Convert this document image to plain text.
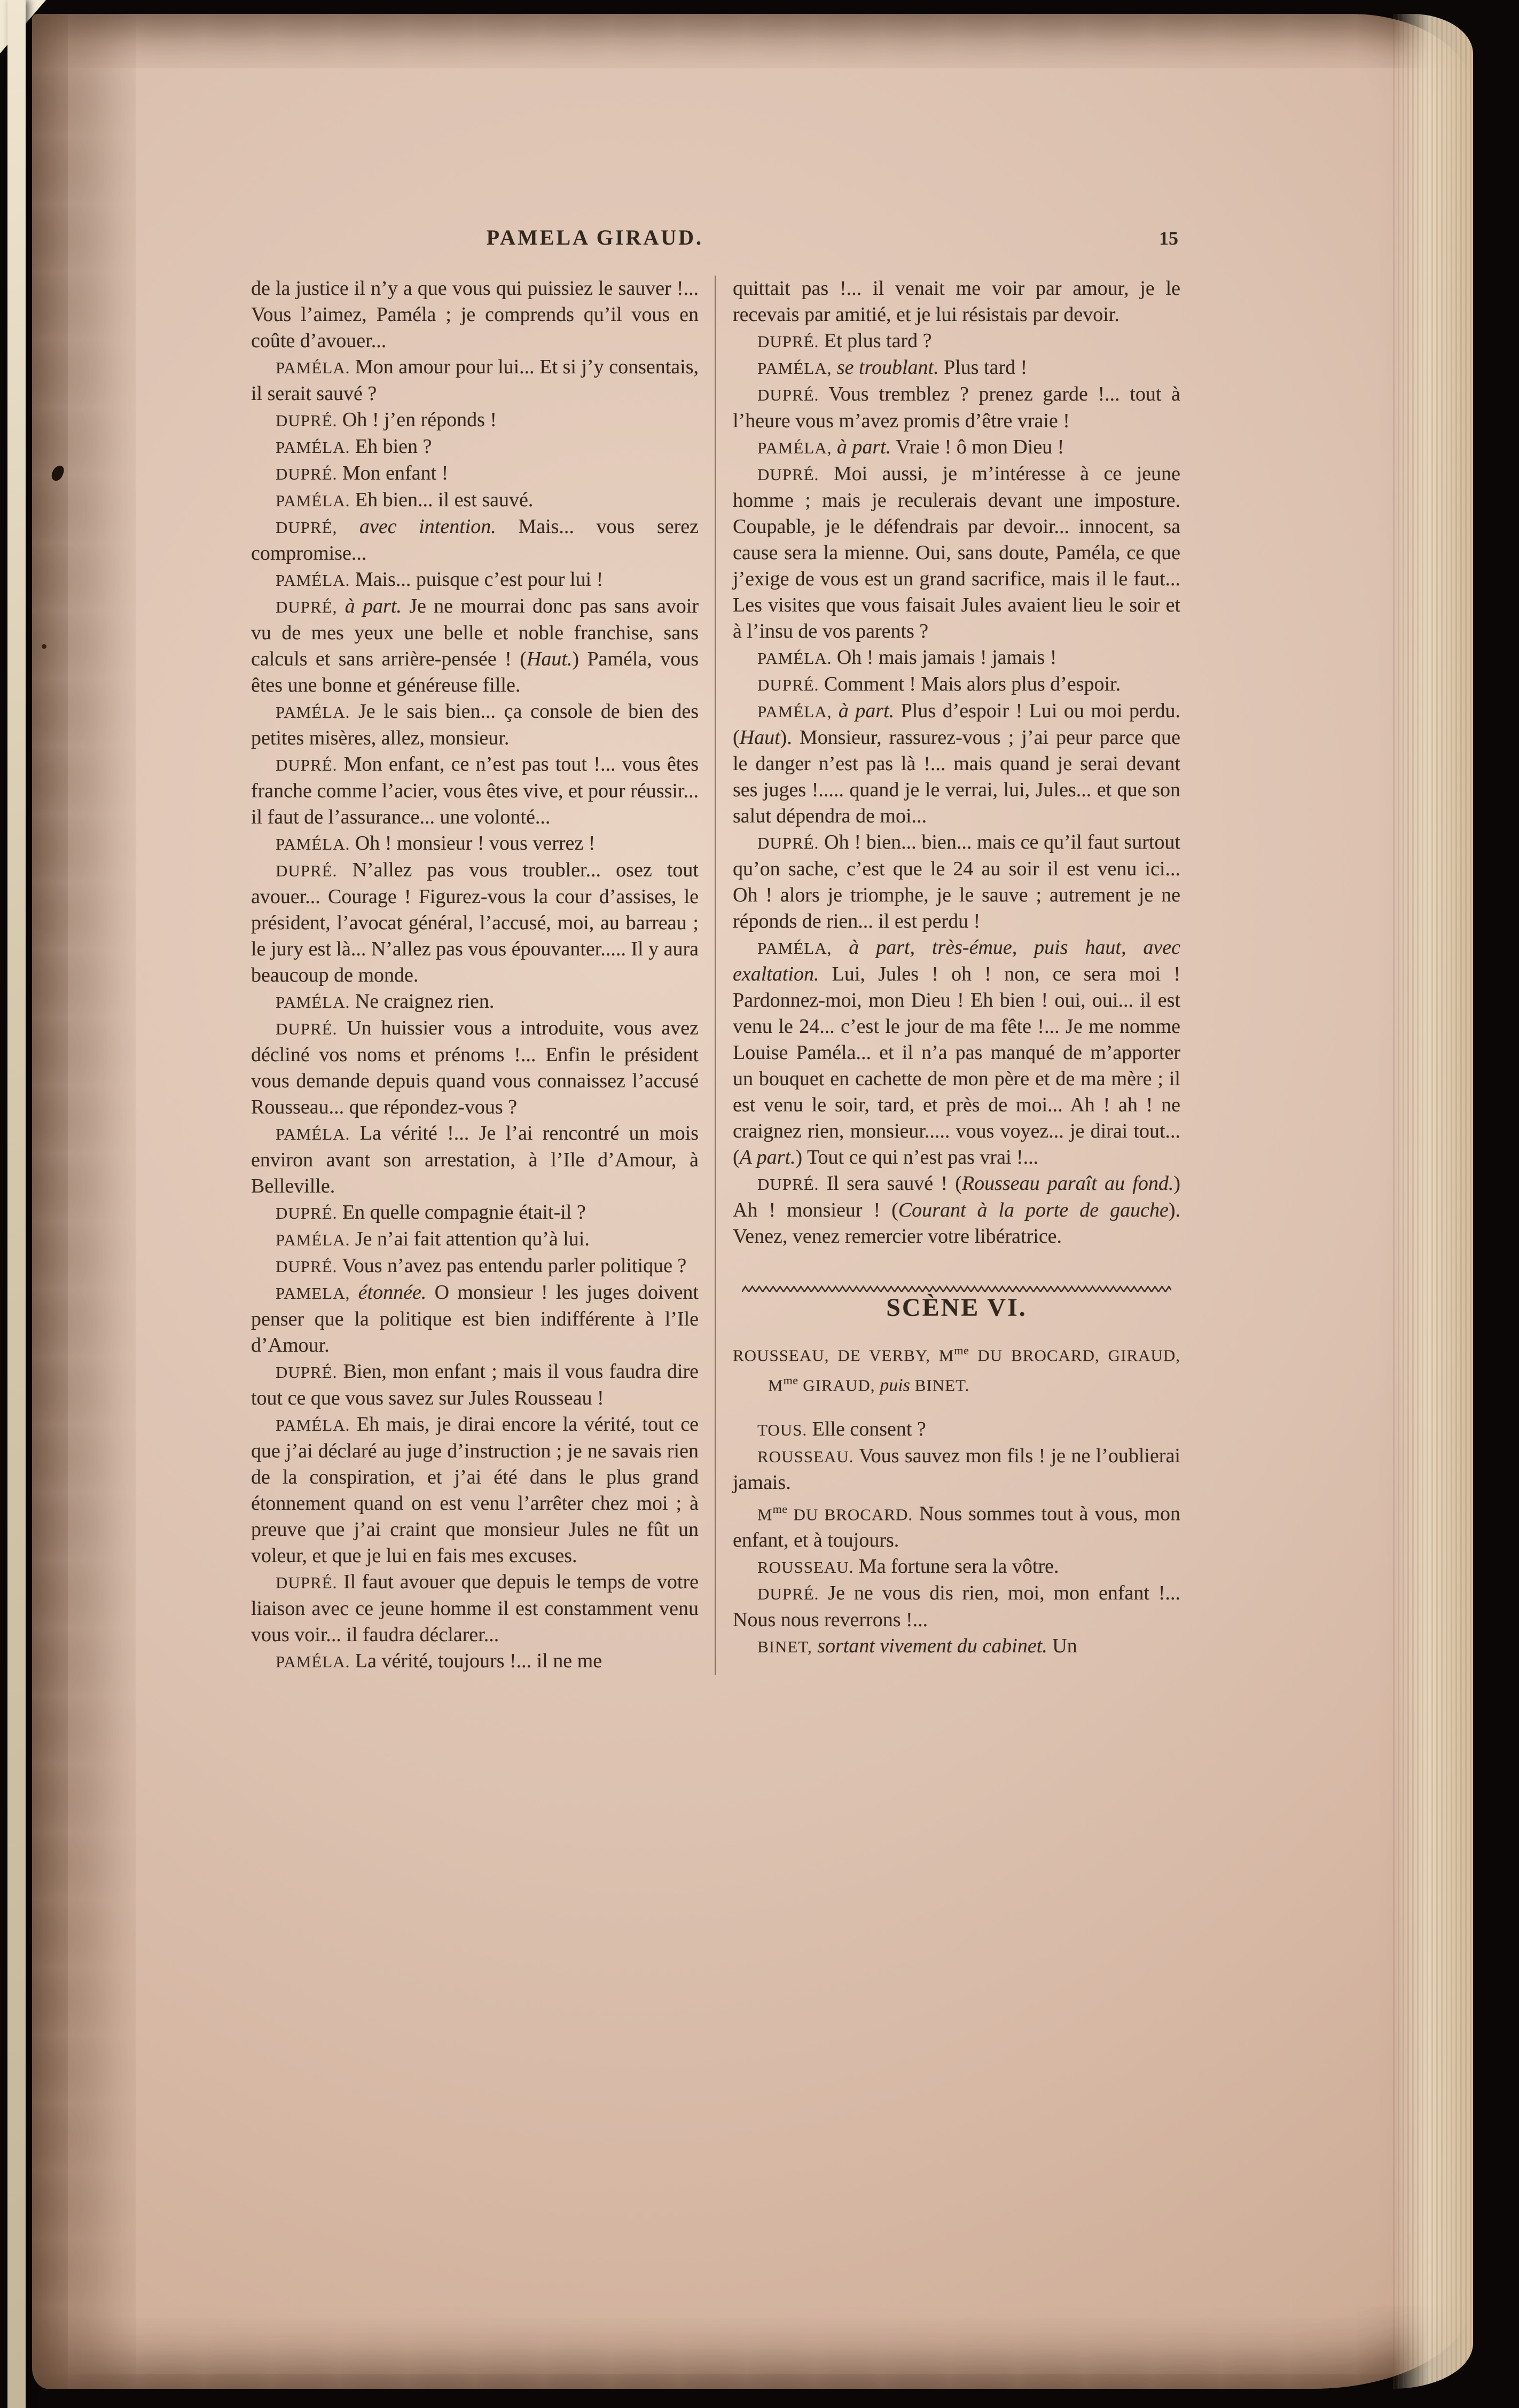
PAMELA GIRAUD.	15

de la justice il n’y a que vous qui puissiez le sauver !... Vous l’aimez, Paméla ; je comprends qu’il vous en coûte d’avouer...

PAMÉLA. Mon amour pour lui... Et si j’y consentais, il serait sauvé ?

DUPRÉ. Oh ! j’en réponds !

PAMÉLA. Eh bien ?

DUPRÉ. Mon enfant !

PAMÉLA. Eh bien... il est sauvé.

DUPRÉ, avec intention. Mais... vous serez compromise...

PAMÉLA. Mais... puisque c’est pour lui !

DUPRÉ, à part. Je ne mourrai donc pas sans avoir vu de mes yeux une belle et noble franchise, sans calculs et sans arrière-pensée ! (Haut.) Paméla, vous êtes une bonne et généreuse fille.

PAMÉLA. Je le sais bien... ça console de bien des petites misères, allez, monsieur.

DUPRÉ. Mon enfant, ce n’est pas tout !... vous êtes franche comme l’acier, vous êtes vive, et pour réussir... il faut de l’assurance... une volonté...

PAMÉLA. Oh ! monsieur ! vous verrez !

DUPRÉ. N’allez pas vous troubler... osez tout avouer... Courage ! Figurez-vous la cour d’assises, le président, l’avocat général, l’accusé, moi, au barreau ; le jury est là... N’allez pas vous épouvanter..... Il y aura beaucoup de monde.

PAMÉLA. Ne craignez rien.

DUPRÉ. Un huissier vous a introduite, vous avez décliné vos noms et prénoms !... Enfin le président vous demande depuis quand vous connaissez l’accusé Rousseau... que répondez-vous ?

PAMÉLA. La vérité !... Je l’ai rencontré un mois environ avant son arrestation, à l’Ile d’Amour, à Belleville.

DUPRÉ. En quelle compagnie était-il ?

PAMÉLA. Je n’ai fait attention qu’à lui.

DUPRÉ. Vous n’avez pas entendu parler politique ?

PAMELA, étonnée. O monsieur ! les juges doivent penser que la politique est bien indifférente à l’Ile d’Amour.

DUPRÉ. Bien, mon enfant ; mais il vous faudra dire tout ce que vous savez sur Jules Rousseau !

PAMÉLA. Eh mais, je dirai encore la vérité, tout ce que j’ai déclaré au juge d’instruction ; je ne savais rien de la conspiration, et j’ai été dans le plus grand étonnement quand on est venu l’arrêter chez moi ; à preuve que j’ai craint que monsieur Jules ne fût un voleur, et que je lui en fais mes excuses.

DUPRÉ. Il faut avouer que depuis le temps de votre liaison avec ce jeune homme il est constamment venu vous voir... il faudra déclarer...

PAMÉLA. La vérité, toujours !... il ne me

quittait pas !... il venait me voir par amour, je le recevais par amitié, et je lui résistais par devoir.

DUPRÉ. Et plus tard ?

PAMÉLA, se troublant. Plus tard !

DUPRÉ. Vous tremblez ? prenez garde !... tout à l’heure vous m’avez promis d’être vraie !

PAMÉLA, à part. Vraie ! ô mon Dieu !

DUPRÉ. Moi aussi, je m’intéresse à ce jeune homme ; mais je reculerais devant une imposture. Coupable, je le défendrais par devoir... innocent, sa cause sera la mienne. Oui, sans doute, Paméla, ce que j’exige de vous est un grand sacrifice, mais il le faut... Les visites que vous faisait Jules avaient lieu le soir et à l’insu de vos parents ?

PAMÉLA. Oh ! mais jamais ! jamais !

DUPRÉ. Comment ! Mais alors plus d’espoir.

PAMÉLA, à part. Plus d’espoir ! Lui ou moi perdu. (Haut). Monsieur, rassurez-vous ; j’ai peur parce que le danger n’est pas là !... mais quand je serai devant ses juges !..... quand je le verrai, lui, Jules... et que son salut dépendra de moi...

DUPRÉ. Oh ! bien... bien... mais ce qu’il faut surtout qu’on sache, c’est que le 24 au soir il est venu ici... Oh ! alors je triomphe, je le sauve ; autrement je ne réponds de rien... il est perdu !

PAMÉLA, à part, très-émue, puis haut, avec exaltation. Lui, Jules ! oh ! non, ce sera moi ! Pardonnez-moi, mon Dieu ! Eh bien ! oui, oui... il est venu le 24... c’est le jour de ma fête !... Je me nomme Louise Paméla... et il n’a pas manqué de m’apporter un bouquet en cachette de mon père et de ma mère ; il est venu le soir, tard, et près de moi... Ah ! ah ! ne craignez rien, monsieur..... vous voyez... je dirai tout... (A part.) Tout ce qui n’est pas vrai !...

DUPRÉ. Il sera sauvé ! (Rousseau paraît au fond.) Ah ! monsieur ! (Courant à la porte de gauche). Venez, venez remercier votre libératrice.

SCÈNE VI.

ROUSSEAU, DE VERBY, $M^{me}$ DU BROCARD, GIRAUD, $M^{me}$ GIRAUD, puis BINET.

TOUS. Elle consent ?

ROUSSEAU. Vous sauvez mon fils ! je ne l’oublierai jamais.

$M^{me}$ DU BROCARD. Nous sommes tout à vous, mon enfant, et à toujours.

ROUSSEAU. Ma fortune sera la vôtre.

DUPRÉ. Je ne vous dis rien, moi, mon enfant !... Nous nous reverrons !...

BINET, sortant vivement du cabinet. Un
